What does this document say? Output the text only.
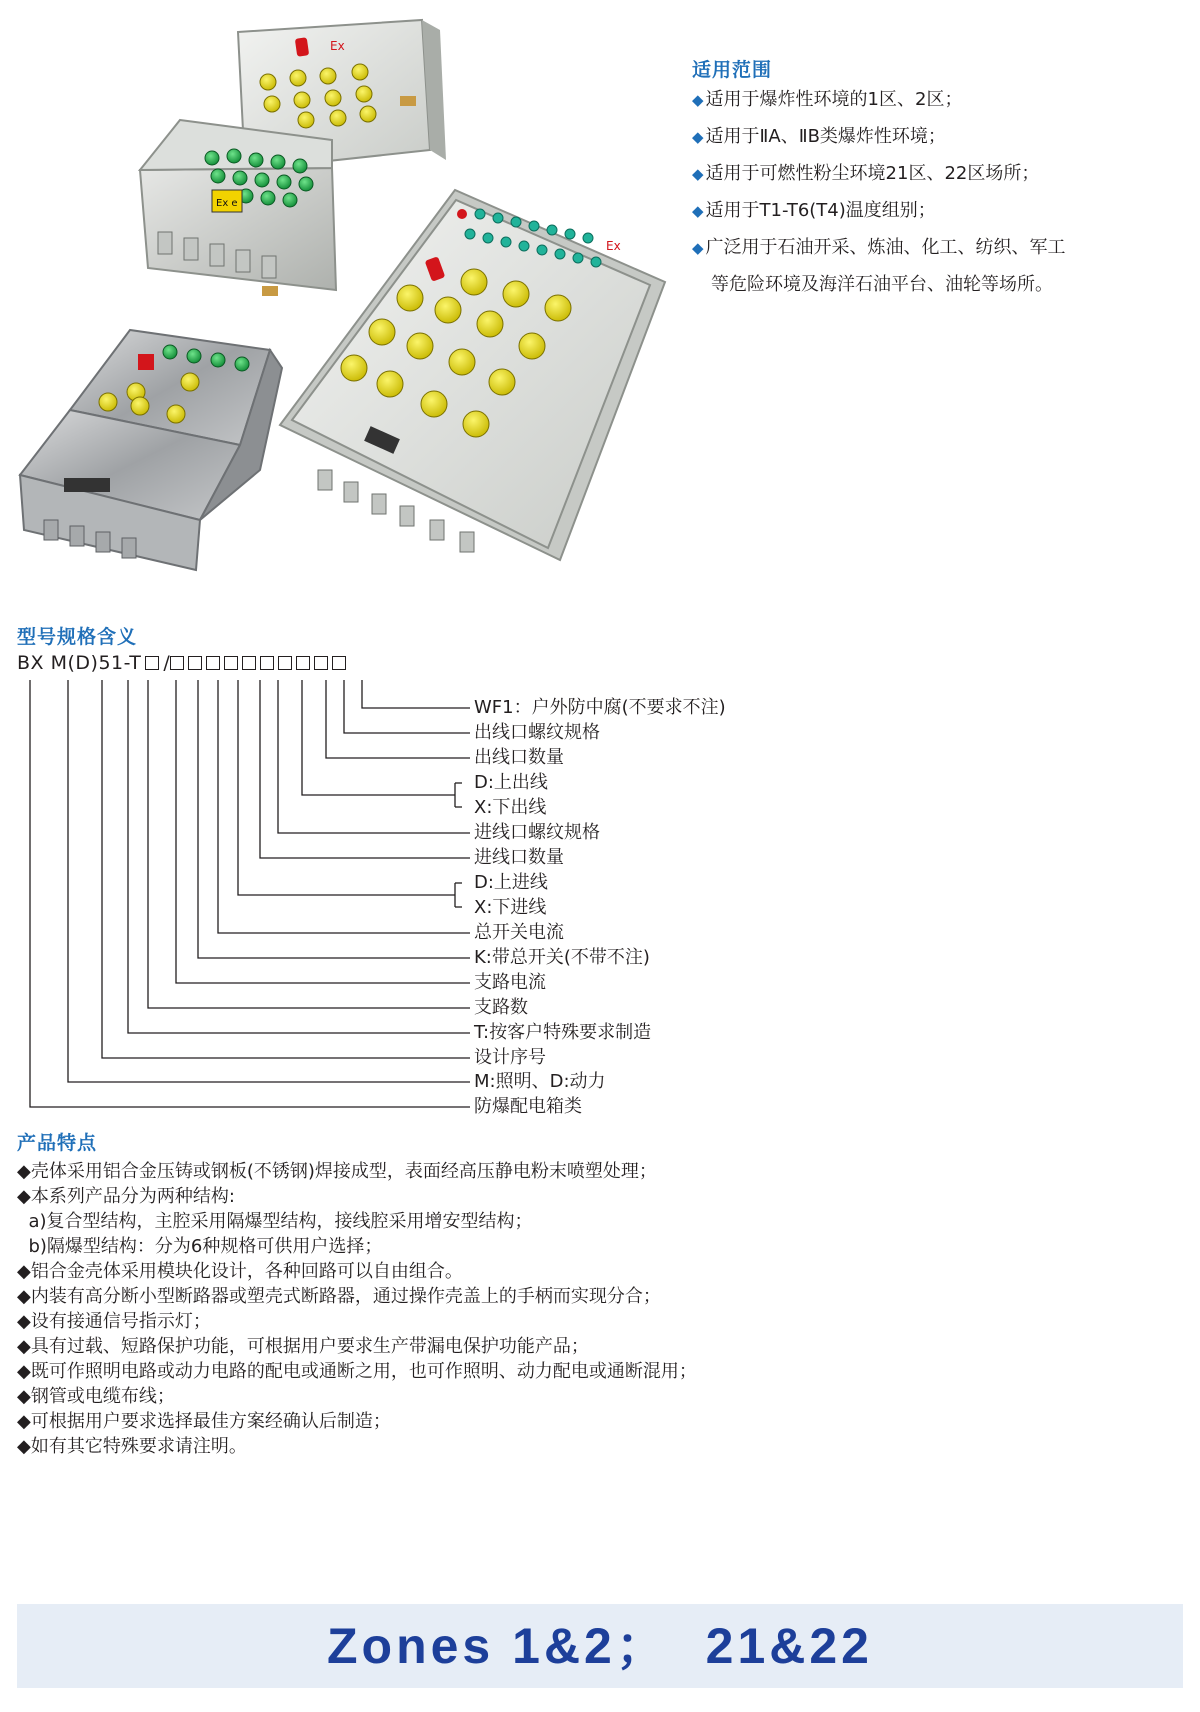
Ex
Ex e
Ex
适用范围
◆ 适用于爆炸性环境的1区、2区；
◆ 适用于ⅡA、ⅡB类爆炸性环境；
◆ 适用于可燃性粉尘环境21区、22区场所；
◆ 适用于T1-T6(T4)温度组别；
◆ 广泛用于石油开采、炼油、化工、纺织、军工
等危险环境及海洋石油平台、油轮等场所。
型号规格含义
BX M(D)51-T /
WF1：户外防中腐(不要求不注)
出线口螺纹规格
出线口数量
D:上出线
X:下出线
进线口螺纹规格
进线口数量
D:上进线
X:下进线
总开关电流
K:带总开关(不带不注)
支路电流
支路数
T:按客户特殊要求制造
设计序号
M:照明、D:动力
防爆配电箱类
产品特点
◆壳体采用铝合金压铸或钢板(不锈钢)焊接成型，表面经高压静电粉末喷塑处理；
◆本系列产品分为两种结构:
a)复合型结构，主腔采用隔爆型结构，接线腔采用增安型结构；
b)隔爆型结构：分为6种规格可供用户选择；
◆铝合金壳体采用模块化设计，各种回路可以自由组合。
◆内装有高分断小型断路器或塑壳式断路器，通过操作壳盖上的手柄而实现分合；
◆设有接通信号指示灯；
◆具有过载、短路保护功能，可根据用户要求生产带漏电保护功能产品；
◆既可作照明电路或动力电路的配电或通断之用，也可作照明、动力配电或通断混用；
◆钢管或电缆布线；
◆可根据用户要求选择最佳方案经确认后制造；
◆如有其它特殊要求请注明。
Zones 1&2；  21&22
